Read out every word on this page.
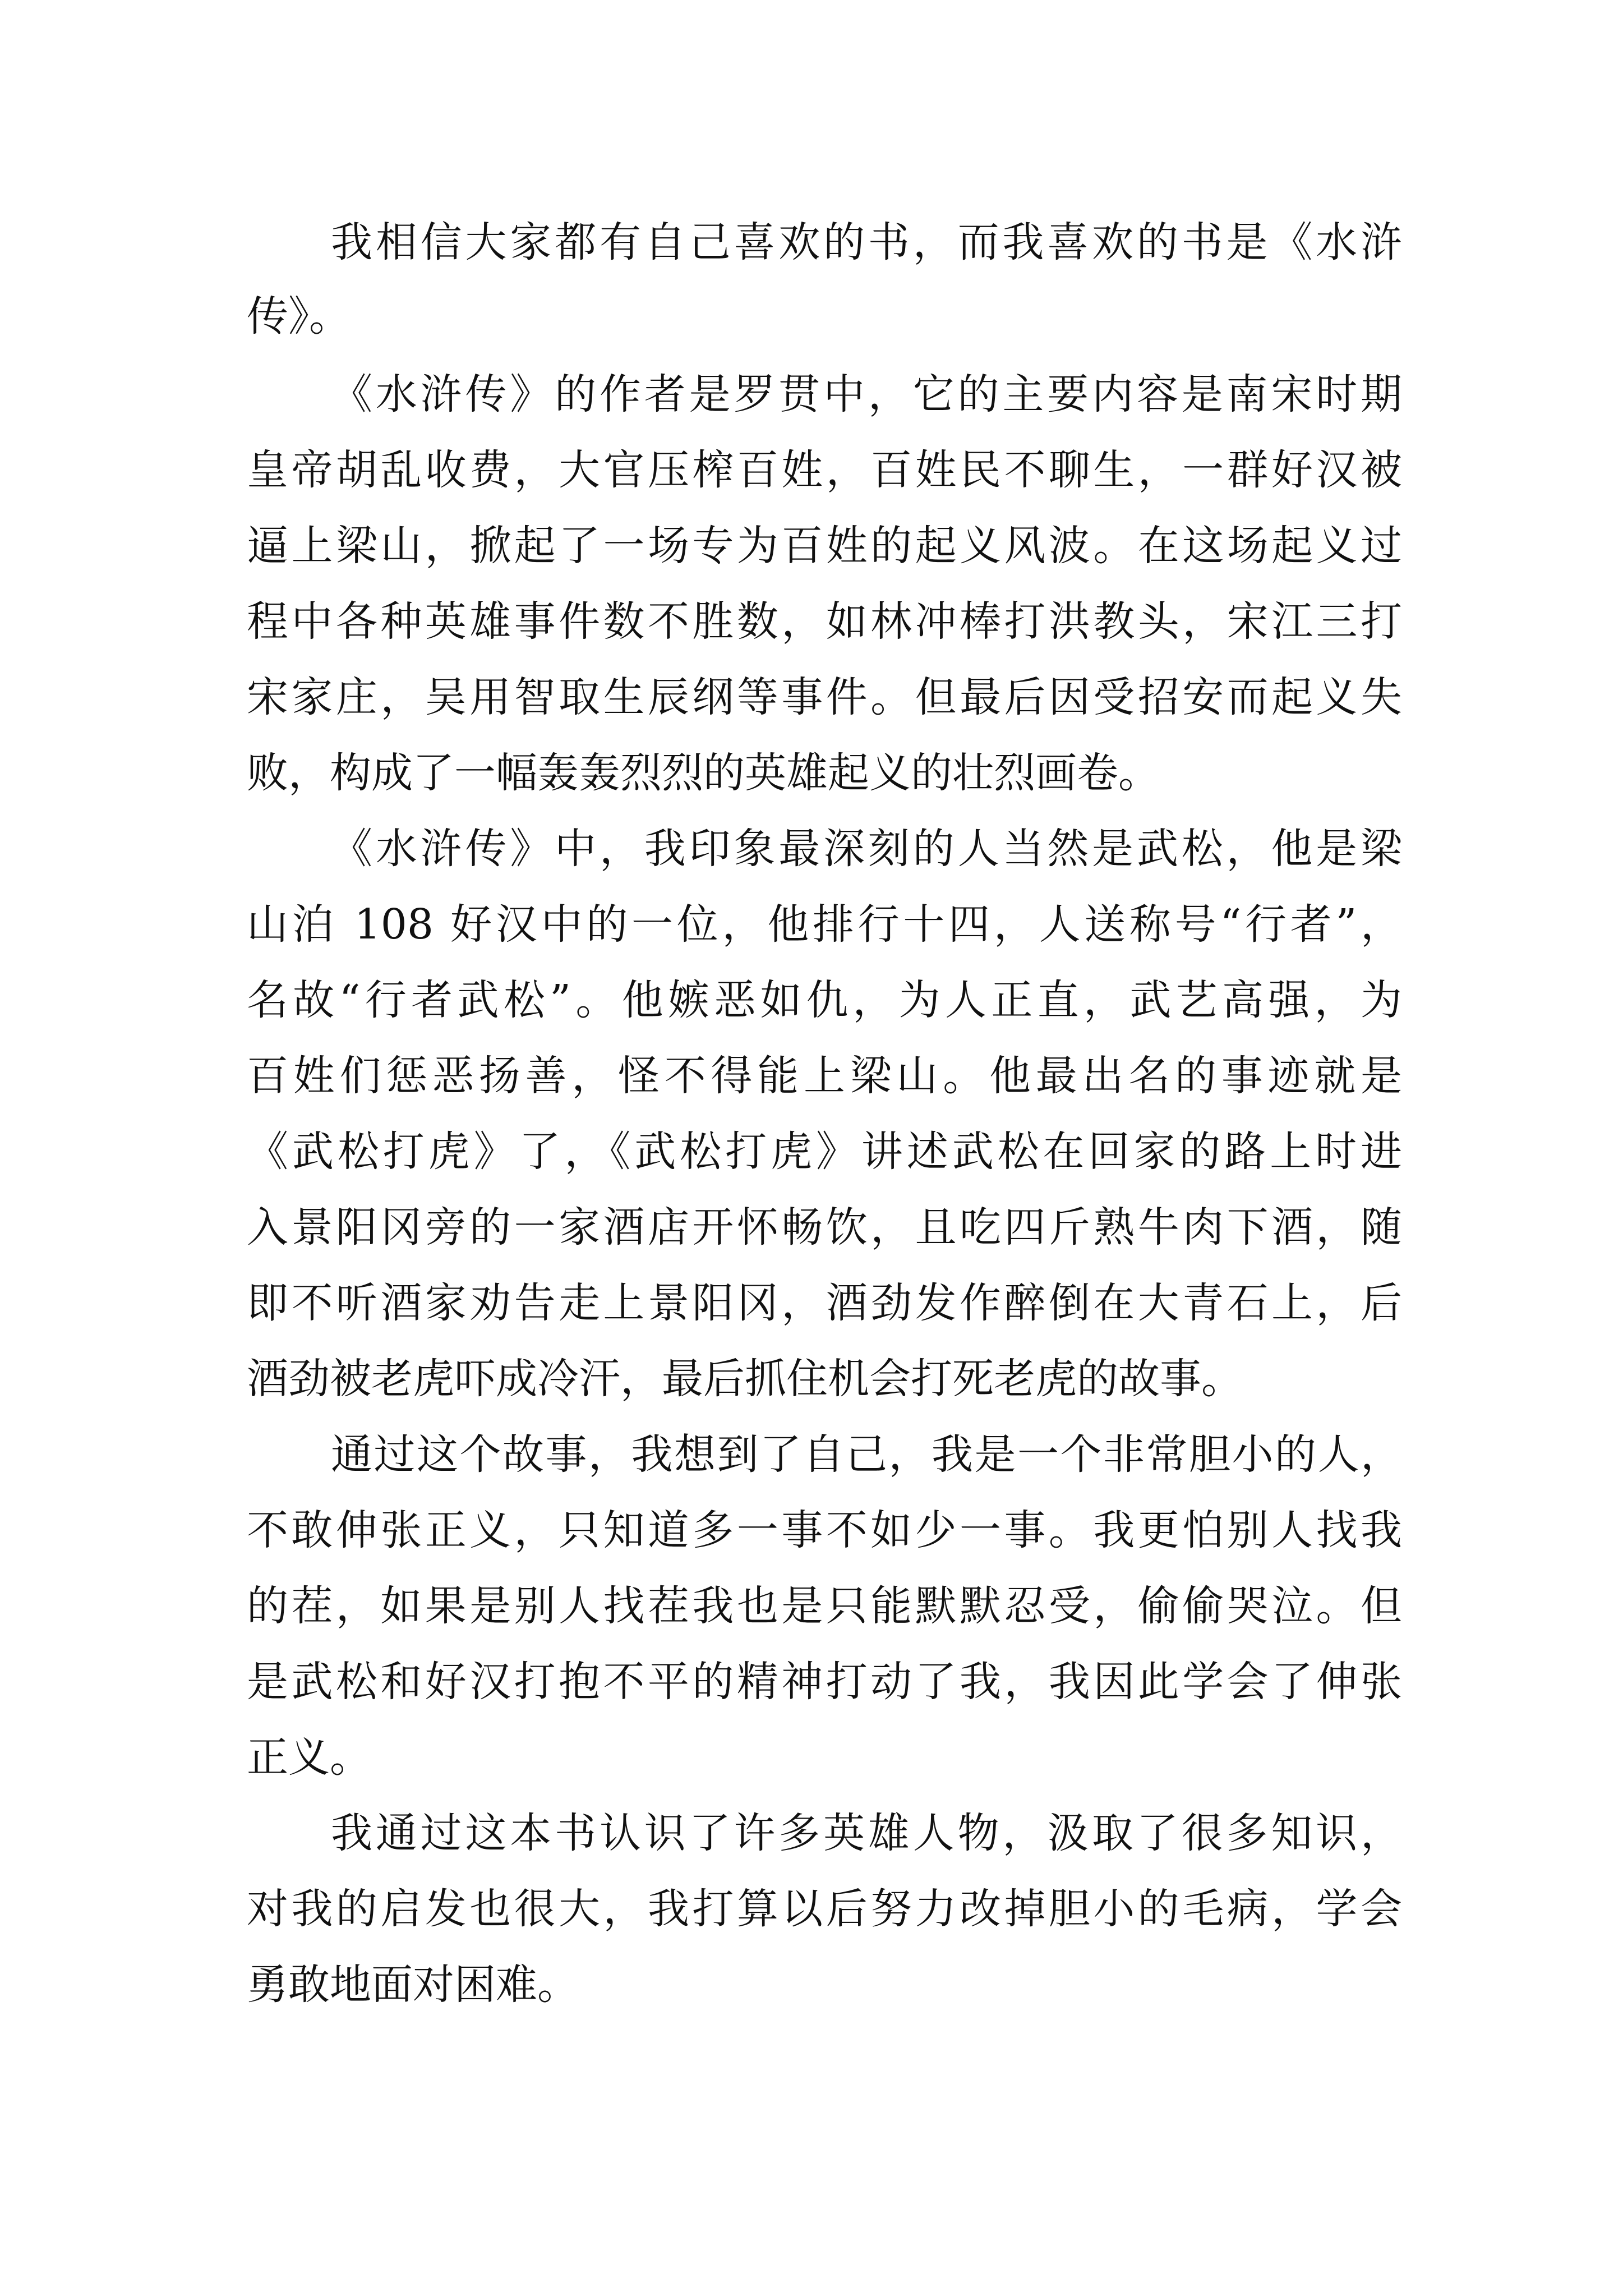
我相信大家都有自己喜欢的书，而我喜欢的书是《水浒

传》。

《水浒传》的作者是罗贯中，它的主要内容是南宋时期

皇帝胡乱收费，大官压榨百姓，百姓民不聊生，一群好汉被

逼上梁山，掀起了一场专为百姓的起义风波。在这场起义过

程中各种英雄事件数不胜数，如林冲棒打洪教头，宋江三打

宋家庄，吴用智取生辰纲等事件。但最后因受招安而起义失

败，构成了一幅轰轰烈烈的英雄起义的壮烈画卷。

《水浒传》中，我印象最深刻的人当然是武松，他是梁

山泊 108 好汉中的一位，他排行十四，人送称号“行者”，

名故“行者武松”。他嫉恶如仇，为人正直，武艺高强，为

百姓们惩恶扬善，怪不得能上梁山。他最出名的事迹就是

《武松打虎》了，《武松打虎》讲述武松在回家的路上时进

入景阳冈旁的一家酒店开怀畅饮，且吃四斤熟牛肉下酒，随

即不听酒家劝告走上景阳冈，酒劲发作醉倒在大青石上，后

酒劲被老虎吓成冷汗，最后抓住机会打死老虎的故事。

通过这个故事，我想到了自己，我是一个非常胆小的人，

不敢伸张正义，只知道多一事不如少一事。我更怕别人找我

的茬，如果是别人找茬我也是只能默默忍受，偷偷哭泣。但

是武松和好汉打抱不平的精神打动了我，我因此学会了伸张

正义。

我通过这本书认识了许多英雄人物，汲取了很多知识，

对我的启发也很大，我打算以后努力改掉胆小的毛病，学会

勇敢地面对困难。
